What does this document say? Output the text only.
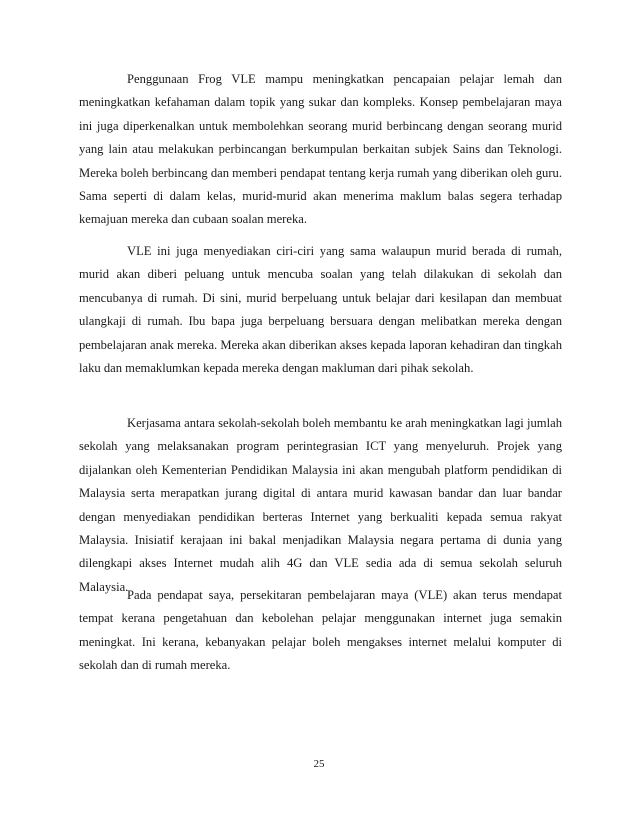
Penggunaan Frog VLE mampu meningkatkan pencapaian pelajar lemah dan meningkatkan kefahaman dalam topik yang sukar dan kompleks. Konsep pembelajaran maya ini juga diperkenalkan untuk membolehkan seorang murid berbincang dengan seorang murid yang lain atau melakukan perbincangan berkumpulan berkaitan subjek Sains dan Teknologi. Mereka boleh berbincang dan memberi pendapat tentang kerja rumah yang diberikan oleh guru. Sama seperti di dalam kelas, murid-murid akan menerima maklum balas segera terhadap kemajuan mereka dan cubaan soalan mereka.

VLE ini juga menyediakan ciri-ciri yang sama walaupun murid berada di rumah, murid akan diberi peluang untuk mencuba soalan yang telah dilakukan di sekolah dan mencubanya di rumah. Di sini, murid berpeluang untuk belajar dari kesilapan dan membuat ulangkaji di rumah. Ibu bapa juga berpeluang bersuara dengan melibatkan mereka dengan pembelajaran anak mereka. Mereka akan diberikan akses kepada laporan kehadiran dan tingkah laku dan memaklumkan kepada mereka dengan makluman dari pihak sekolah.

Kerjasama antara sekolah-sekolah boleh membantu ke arah meningkatkan lagi jumlah sekolah yang melaksanakan program perintegrasian ICT yang menyeluruh. Projek yang dijalankan oleh Kementerian Pendidikan Malaysia ini akan mengubah platform pendidikan di Malaysia serta merapatkan jurang digital di antara murid kawasan bandar dan luar bandar dengan menyediakan pendidikan berteras Internet yang berkualiti kepada semua rakyat Malaysia. Inisiatif kerajaan ini bakal menjadikan Malaysia negara pertama di dunia yang dilengkapi akses Internet mudah alih 4G dan VLE sedia ada di semua sekolah seluruh Malaysia.

Pada pendapat saya, persekitaran pembelajaran maya (VLE) akan terus mendapat tempat kerana pengetahuan dan kebolehan pelajar menggunakan internet juga semakin meningkat. Ini kerana, kebanyakan pelajar boleh mengakses internet melalui komputer di sekolah dan di rumah mereka.

25
